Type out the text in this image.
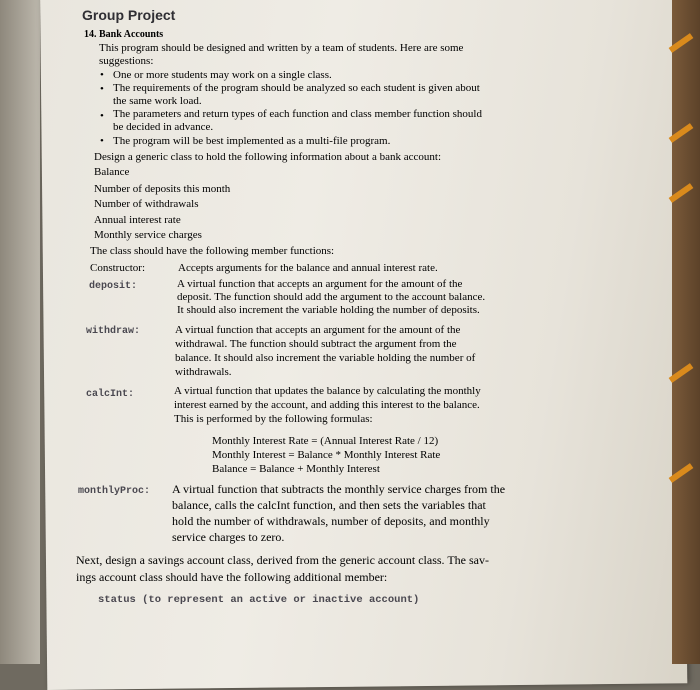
Group Project
14. Bank Accounts
This program should be designed and written by a team of students. Here are some
suggestions:
• One or more students may work on a single class.
• The requirements of the program should be analyzed so each student is given about
the same work load.
• The parameters and return types of each function and class member function should
be decided in advance.
• The program will be best implemented as a multi-file program.
Design a generic class to hold the following information about a bank account:
Balance
Number of deposits this month
Number of withdrawals
Annual interest rate
Monthly service charges
The class should have the following member functions:
Constructor:	Accepts arguments for the balance and annual interest rate.
deposit:	A virtual function that accepts an argument for the amount of the
deposit. The function should add the argument to the account balance.
It should also increment the variable holding the number of deposits.
withdraw:	A virtual function that accepts an argument for the amount of the
withdrawal. The function should subtract the argument from the
balance. It should also increment the variable holding the number of
withdrawals.
calcInt:	A virtual function that updates the balance by calculating the monthly
interest earned by the account, and adding this interest to the balance.
This is performed by the following formulas:
Monthly Interest Rate = (Annual Interest Rate / 12)
Monthly Interest = Balance * Monthly Interest Rate
Balance = Balance + Monthly Interest
monthlyProc: A virtual function that subtracts the monthly service charges from the
balance, calls the calcInt function, and then sets the variables that
hold the number of withdrawals, number of deposits, and monthly
service charges to zero.
Next, design a savings account class, derived from the generic account class. The sav-
ings account class should have the following additional member:
status (to represent an active or inactive account)
